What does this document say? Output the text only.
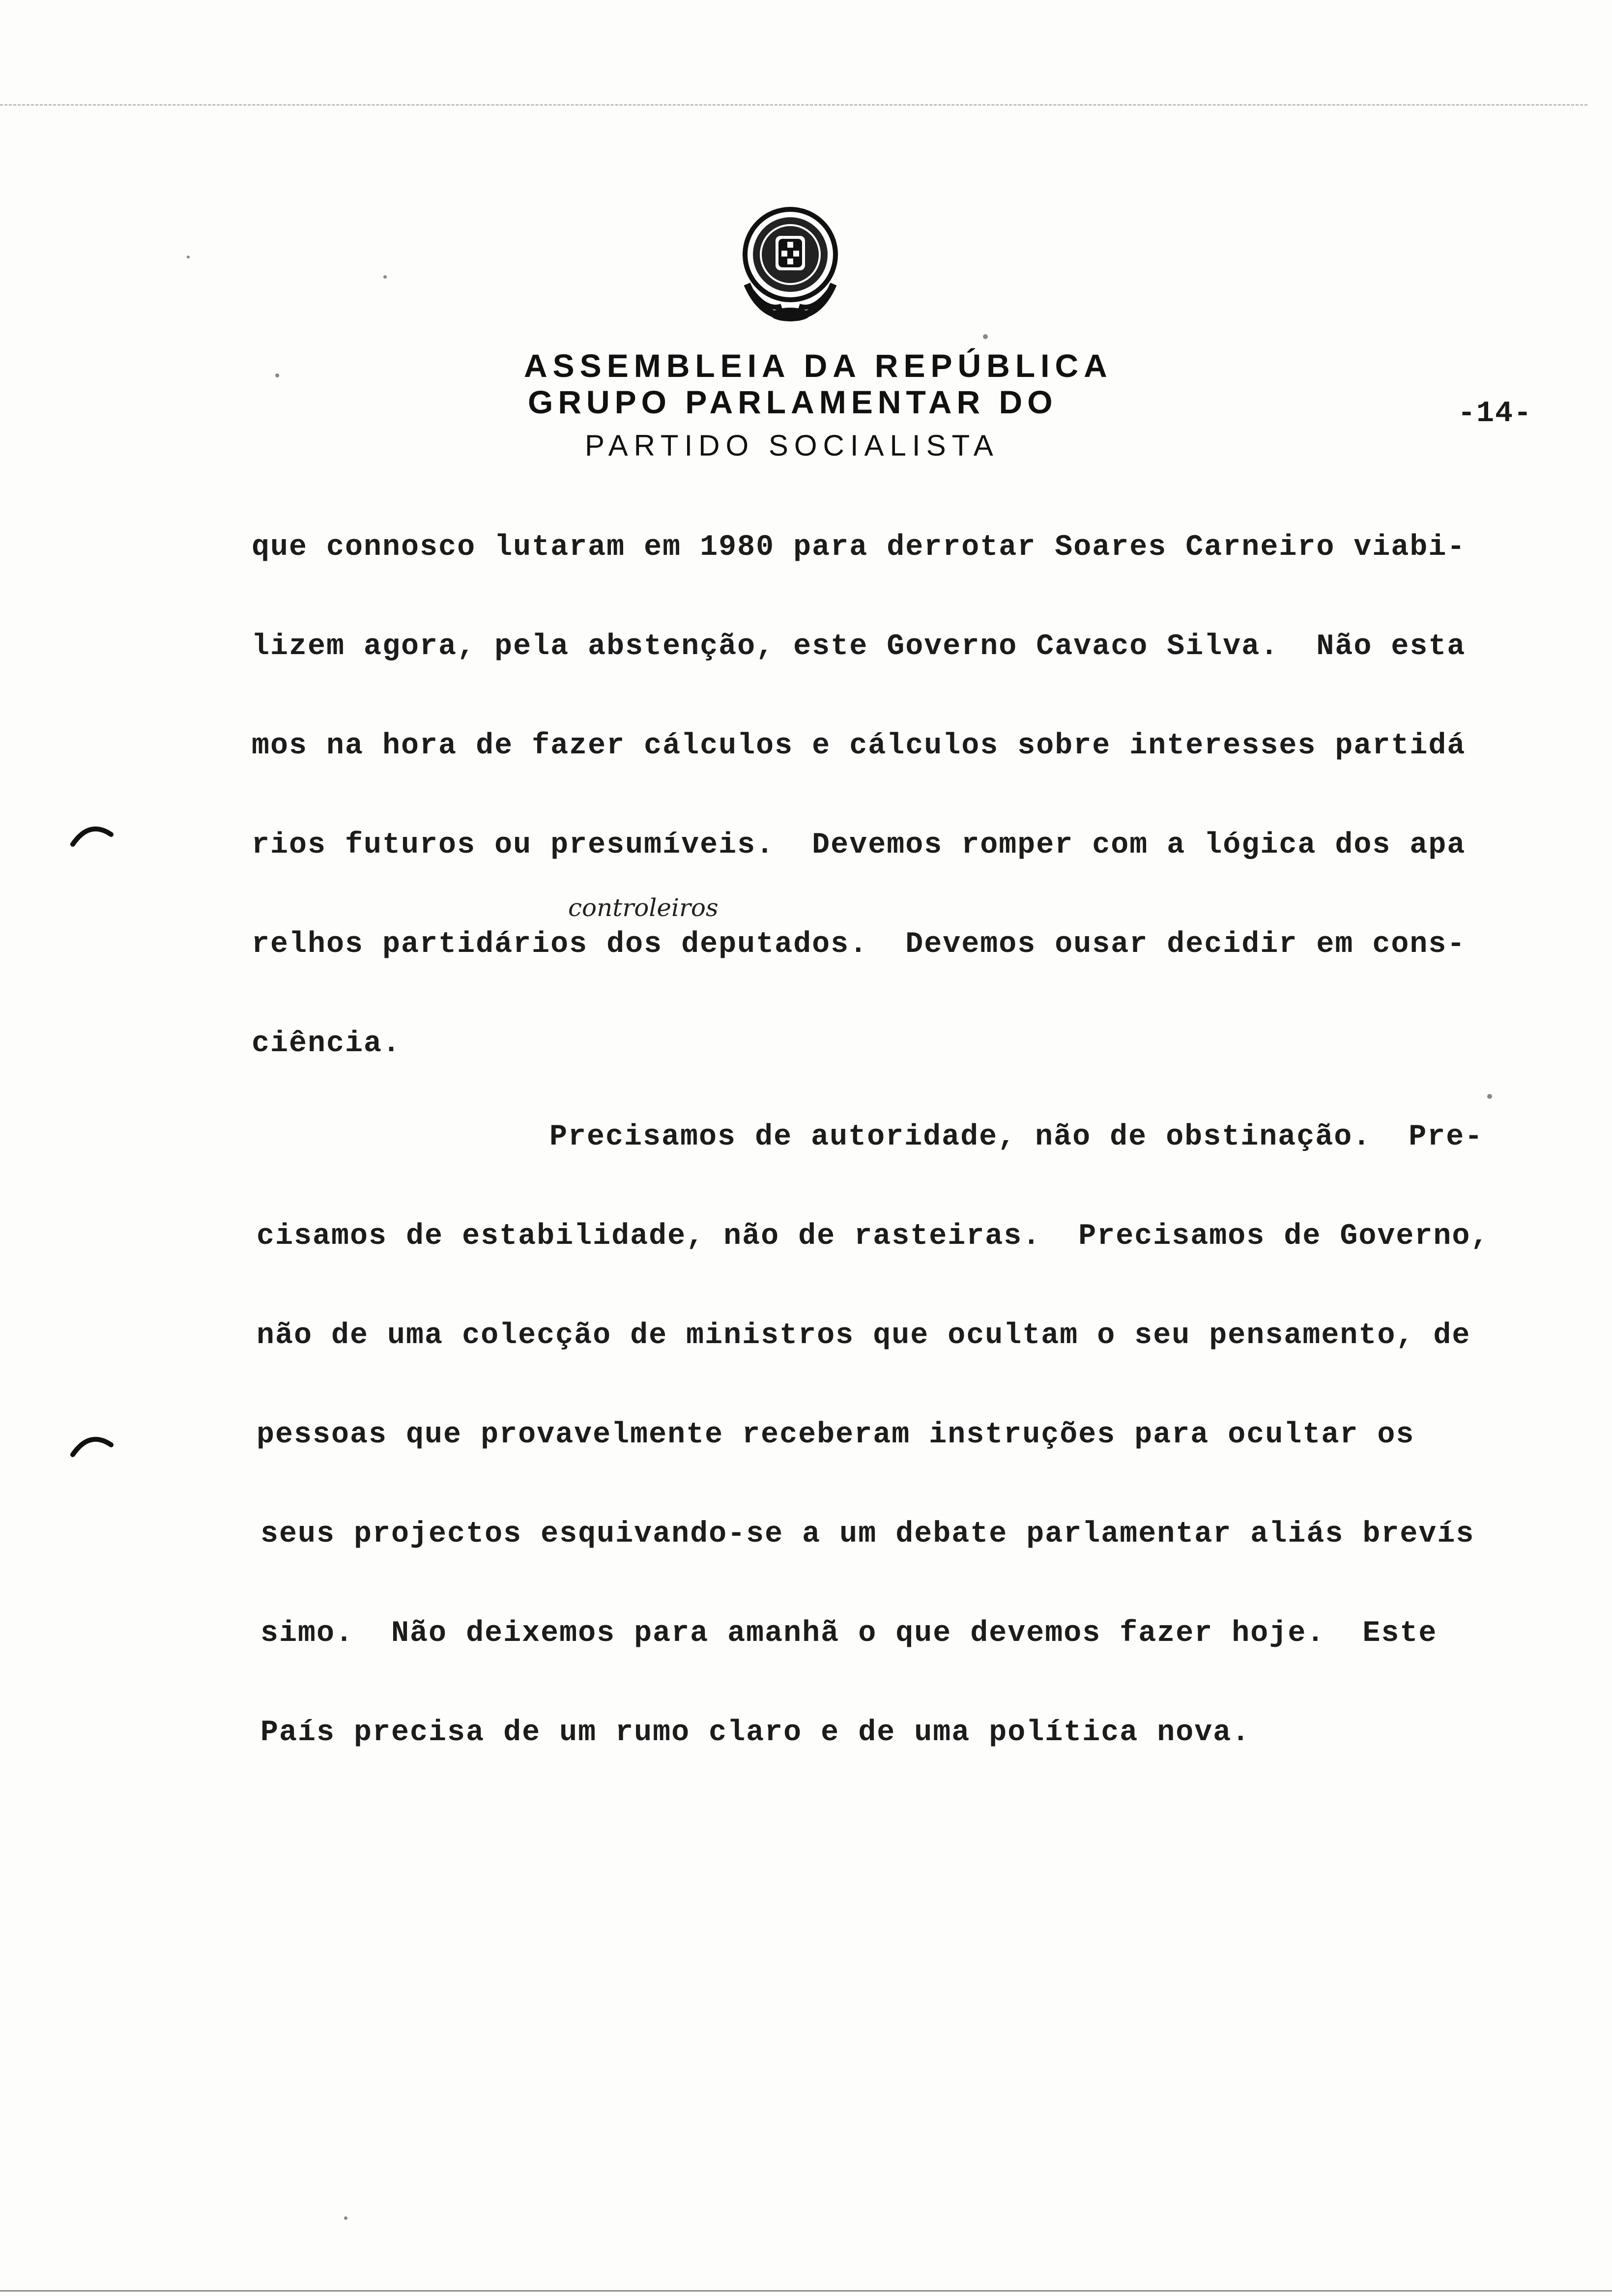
ASSEMBLEIA DA REPÚBLICA
GRUPO PARLAMENTAR DO
PARTIDO SOCIALISTA
-14-
que connosco lutaram em 1980 para derrotar Soares Carneiro viabi-
lizem agora, pela abstenção, este Governo Cavaco Silva.  Não esta
mos na hora de fazer cálculos e cálculos sobre interesses partidá
rios futuros ou presumíveis.  Devemos romper com a lógica dos apa
controleiros
relhos partidários dos deputados.  Devemos ousar decidir em cons-
ciência.
Precisamos de autoridade, não de obstinação.  Pre-
cisamos de estabilidade, não de rasteiras.  Precisamos de Governo,
não de uma colecção de ministros que ocultam o seu pensamento, de
pessoas que provavelmente receberam instruções para ocultar os
seus projectos esquivando-se a um debate parlamentar aliás brevís
simo.  Não deixemos para amanhã o que devemos fazer hoje.  Este
País precisa de um rumo claro e de uma política nova.
